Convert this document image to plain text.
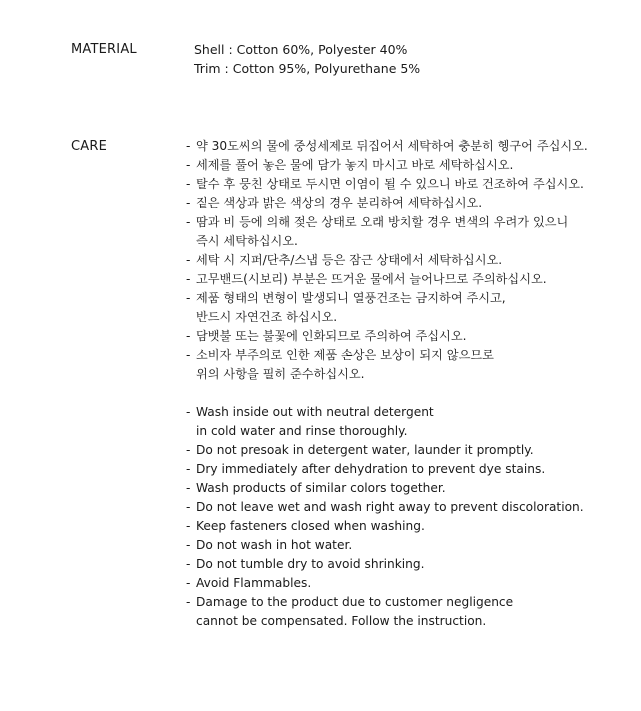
MATERIAL	Shell : Cotton 60%, Polyester 40%
Trim : Cotton 95%, Polyurethane 5%
CARE	- 약 30도씨의 물에 중성세제로 뒤집어서 세탁하여 충분히 헹구어 주십시오.
- 세제를 풀어 놓은 물에 담가 놓지 마시고 바로 세탁하십시오.
- 탈수 후 뭉친 상태로 두시면 이염이 될 수 있으니 바로 건조하여 주십시오.
- 짙은 색상과 밝은 색상의 경우 분리하여 세탁하십시오.
- 땀과 비 등에 의해 젖은 상태로 오래 방치할 경우 변색의 우려가 있으니
즉시 세탁하십시오.
- 세탁 시 지퍼/단추/스냅 등은 잠근 상태에서 세탁하십시오.
- 고무밴드(시보리) 부분은 뜨거운 물에서 늘어나므로 주의하십시오.
- 제품 형태의 변형이 발생되니 열풍건조는 금지하여 주시고,
반드시 자연건조 하십시오.
- 담뱃불 또는 불꽃에 인화되므로 주의하여 주십시오.
- 소비자 부주의로 인한 제품 손상은 보상이 되지 않으므로
위의 사항을 필히 준수하십시오.
- Wash inside out with neutral detergent
in cold water and rinse thoroughly.
- Do not presoak in detergent water, launder it promptly.
- Dry immediately after dehydration to prevent dye stains.
- Wash products of similar colors together.
- Do not leave wet and wash right away to prevent discoloration.
- Keep fasteners closed when washing.
- Do not wash in hot water.
- Do not tumble dry to avoid shrinking.
- Avoid Flammables.
- Damage to the product due to customer negligence
cannot be compensated. Follow the instruction.
